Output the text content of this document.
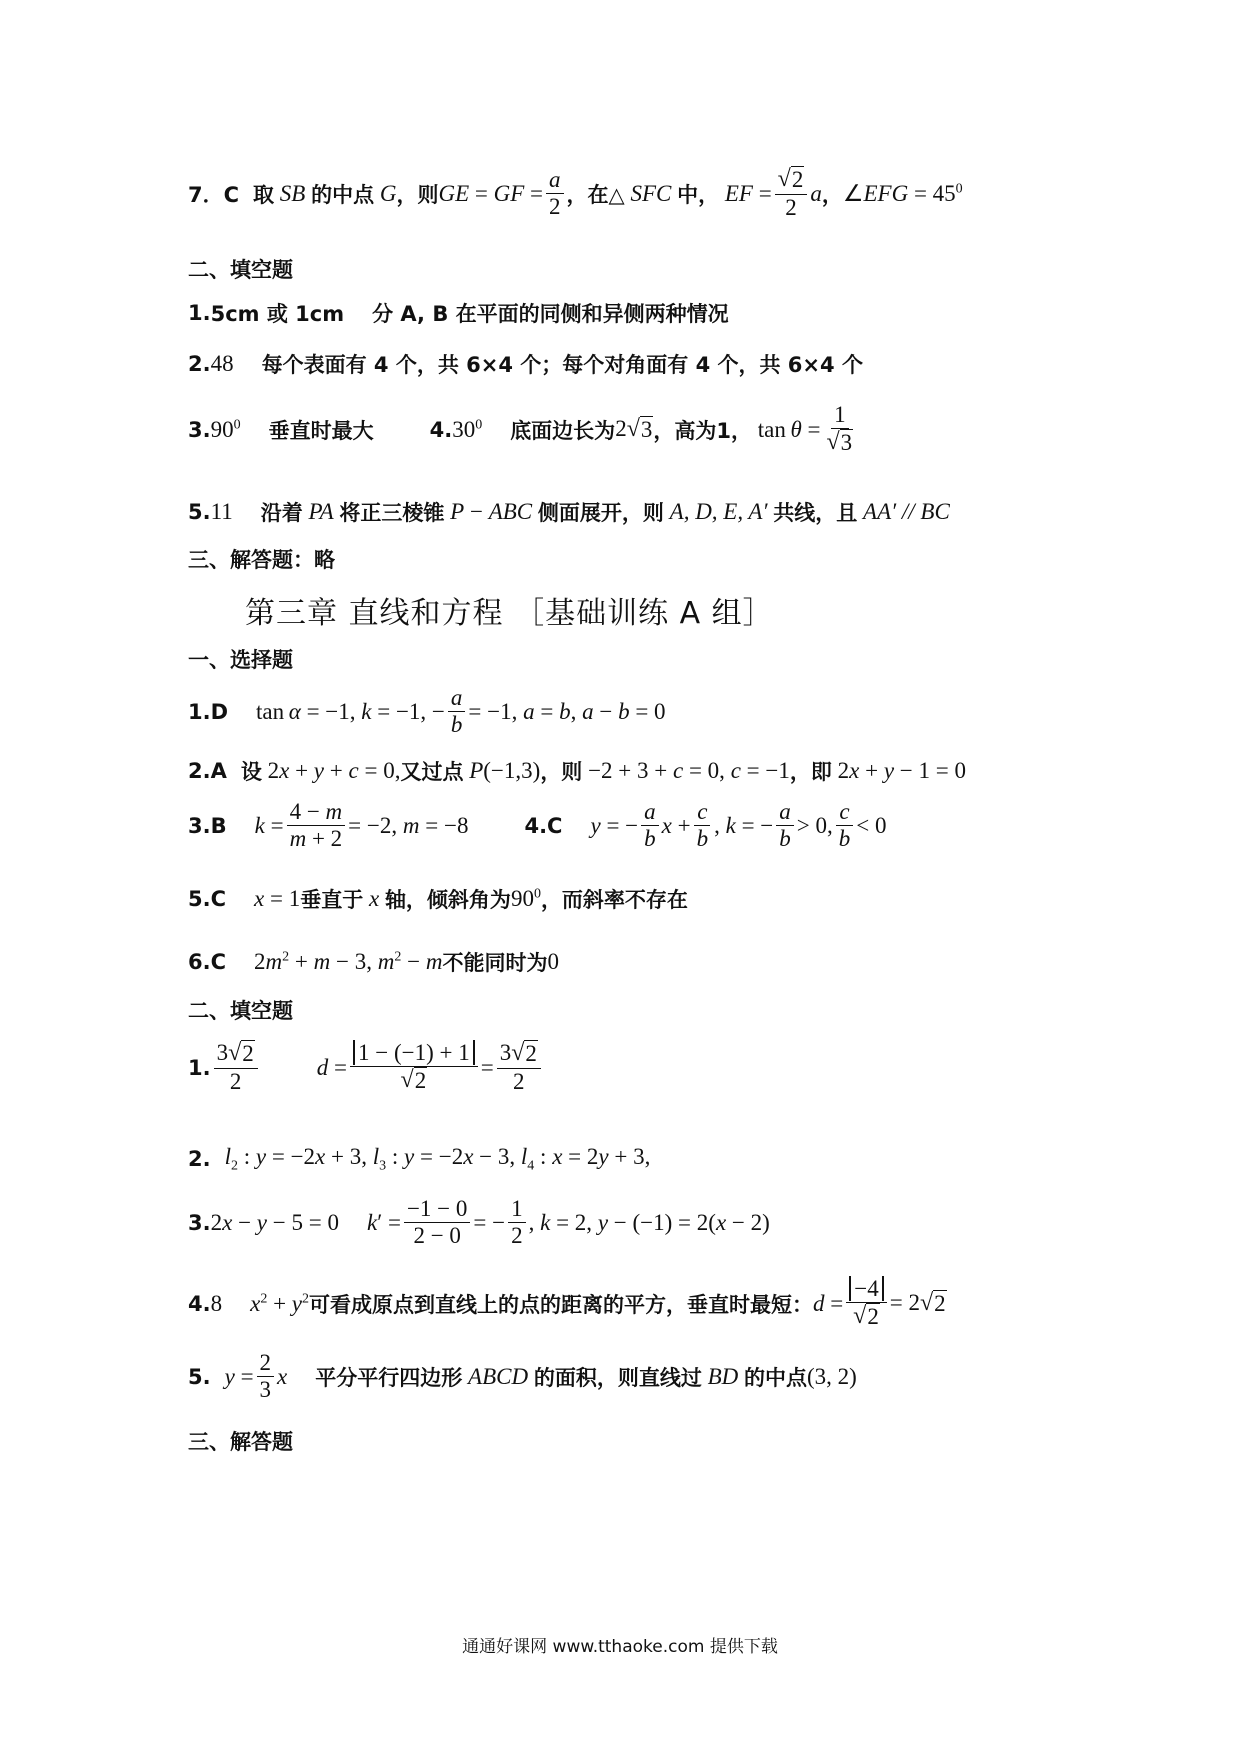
7．C 取 SB 的中点 G ，则 GE = GF = $\frac{a}{2}$ ，在△ SFC 中， EF = $\frac{√ 2}{2}$ a ， ∠EFG = $45^0$
二、填空题
1. 5cm 或 1cm 分 A, B 在平面的同侧和异侧两种情况
2. 48 每个表面有 4 个，共 6×4 个；每个对角面有 4 个，共 6×4 个
3. $90^0$ 垂直时最大	4. $30^0$ 底面边长为 2 √ 3 ，高为1， $\tan \theta = \frac{1}{√ 3}$
5. 11 沿着 PA 将正三棱锥 P − ABC 侧面展开，则 A, D, E, A′ 共线，且 AA′ // BC
三、解答题：略
第三章 直线和方程 ［基础训练 A 组］
一、选择题
1.D tan α = −1, k = −1, − $\frac{a}{b} = -1$, a = b, a − b = 0
2.A 设 2x + y + c = 0, 又过点 P(−1,3) ，则 −2 + 3 + c = 0, c = −1 ，即 2x + y − 1 = 0
3.B $k = \frac{4 - m}{m + 2} = -2$, m = −8	4.C y = − $\frac{a}{b}$ $x + \frac{c}{b}$ , k = − $\frac{a}{b} > 0$, $\frac{c}{b} < 0$
5.C x = 1 垂直于 x 轴，倾斜角为 $90^0$ ，而斜率不存在
6.C $2m^2 + m - 3$, $m^2 - m$ 不能同时为 0
二、填空题
1. $\frac{3 √ 2}{2}$	$d = \frac{1 - (-1) + 1}{√ 2} = \frac{3 √ 2}{2}$
2. $l_2$ : y = −2x + 3, $l_3$ : y = −2x − 3, $l_4$ : x = 2y + 3,
3. 2x − y − 5 = 0 $k' = \frac{-1 - 0}{2 - 0}$ = − $\frac{1}{2}$ , k = 2, y − (−1) = 2(x − 2)
4. 8 $x^2 + y^2$ 可看成原点到直线上的点的距离的平方，垂直时最短： $d = \frac{-4}{√ 2} = 2$ √ 2
5. $y = \frac{2}{3}$ x 平分平行四边形 ABCD 的面积，则直线过 BD 的中点 (3, 2)
三、解答题
通通好课网 www.tthaoke.com 提供下载
